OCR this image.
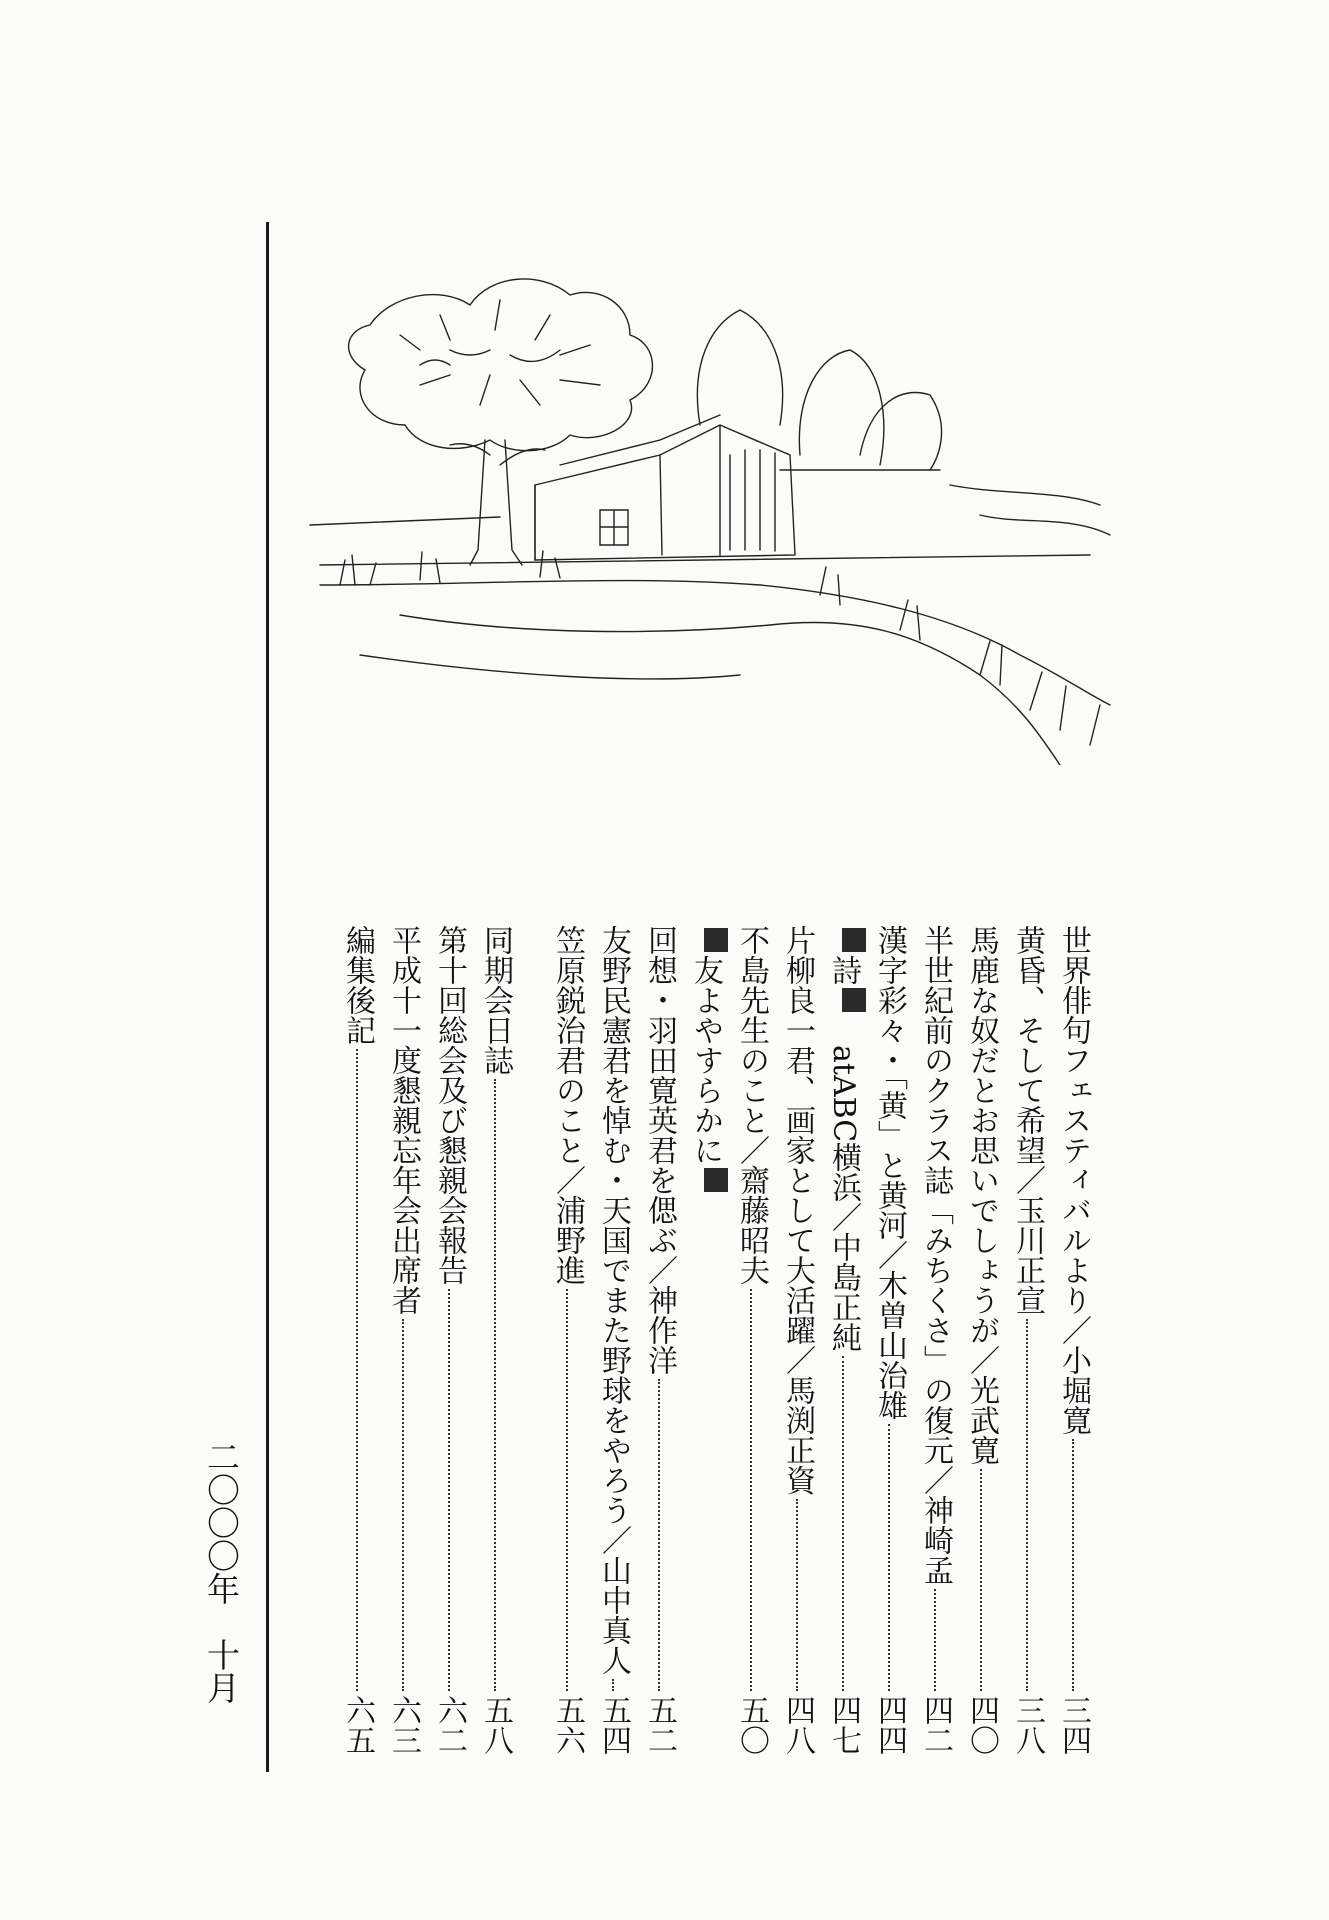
世界俳句フェスティバルより／小堀寛
三四
黄昏、そして希望／玉川正宣
三八
馬鹿な奴だとお思いでしょうが／光武寛
四〇
半世紀前のクラス誌「みちくさ」の復元／神崎孟
四二
漢字彩々・「黄」と黄河／木曽山治雄
四四
詩

atABC横浜／中島正純
四七
片柳良一君、画家として大活躍／馬渕正資
四八
不島先生のこと／齋藤昭夫
五〇
友よやすらかに
回想・羽田寛英君を偲ぶ／神作洋
五二
友野民憲君を悼む・天国でまた野球をやろう／山中真人
五四
笠原鋭治君のこと／浦野進
五六
同期会日誌
五八
第十回総会及び懇親会報告
六二
平成十一度懇親忘年会出席者
六三
編集後記
六五
二〇〇〇年　十月
